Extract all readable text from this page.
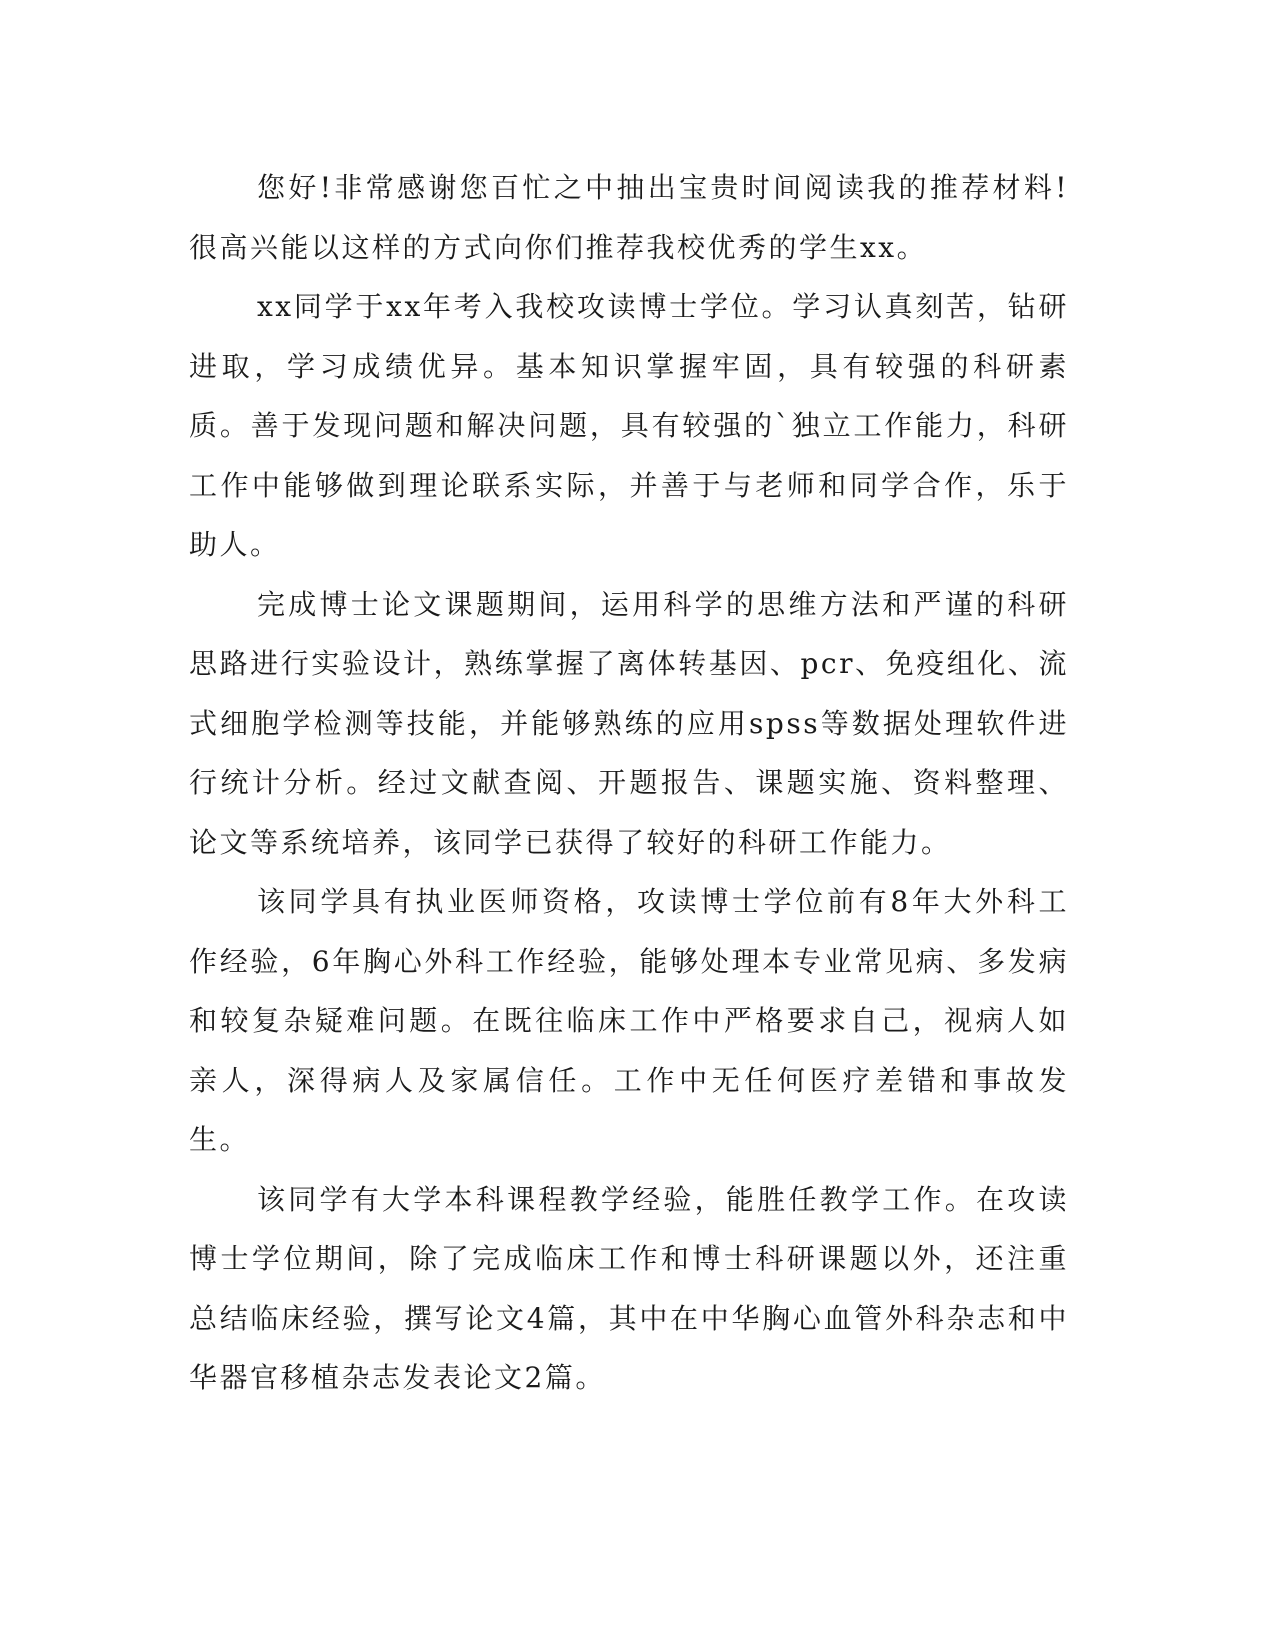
您好!非常感谢您百忙之中抽出宝贵时间阅读我的推荐材料!很高兴能以这样的方式向你们推荐我校优秀的学生xx。

xx同学于xx年考入我校攻读博士学位。学习认真刻苦，钻研进取，学习成绩优异。基本知识掌握牢固，具有较强的科研素质。善于发现问题和解决问题，具有较强的`独立工作能力，科研工作中能够做到理论联系实际，并善于与老师和同学合作，乐于助人。

完成博士论文课题期间，运用科学的思维方法和严谨的科研思路进行实验设计，熟练掌握了离体转基因、pcr、免疫组化、流式细胞学检测等技能，并能够熟练的应用spss等数据处理软件进行统计分析。经过文献查阅、开题报告、课题实施、资料整理、论文等系统培养，该同学已获得了较好的科研工作能力。

该同学具有执业医师资格，攻读博士学位前有8年大外科工作经验，6年胸心外科工作经验，能够处理本专业常见病、多发病和较复杂疑难问题。在既往临床工作中严格要求自己，视病人如亲人，深得病人及家属信任。工作中无任何医疗差错和事故发生。

该同学有大学本科课程教学经验，能胜任教学工作。在攻读博士学位期间，除了完成临床工作和博士科研课题以外，还注重总结临床经验，撰写论文4篇，其中在中华胸心血管外科杂志和中华器官移植杂志发表论文2篇。
